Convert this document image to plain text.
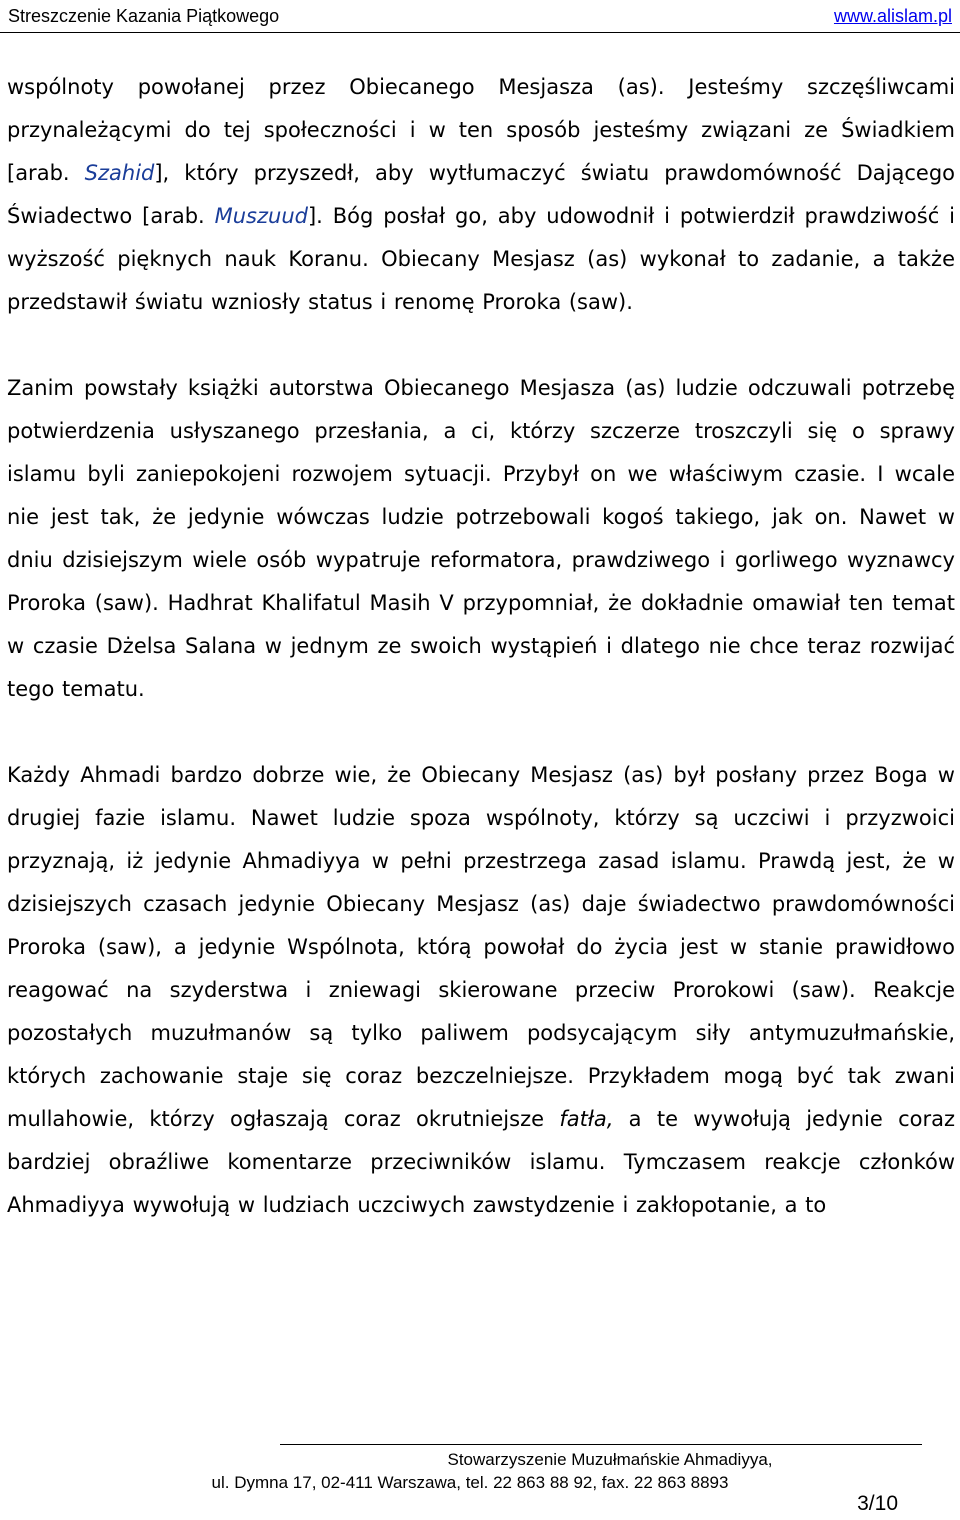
Streszczenie Kazania Piątkowego	www.alislam.pl

wspólnoty powołanej przez Obiecanego Mesjasza (as). Jesteśmy szczęśliwcami przynależącymi do tej społeczności i w ten sposób jesteśmy związani ze Świadkiem [arab. Szahid], który przyszedł, aby wytłumaczyć światu prawdomówność Dającego Świadectwo [arab. Muszuud]. Bóg posłał go, aby udowodnił i potwierdził prawdziwość i wyższość pięknych nauk Koranu. Obiecany Mesjasz (as) wykonał to zadanie, a także przedstawił światu wzniosły status i renomę Proroka (saw).

Zanim powstały książki autorstwa Obiecanego Mesjasza (as) ludzie odczuwali potrzebę potwierdzenia usłyszanego przesłania, a ci, którzy szczerze troszczyli się o sprawy islamu byli zaniepokojeni rozwojem sytuacji. Przybył on we właściwym czasie. I wcale nie jest tak, że jedynie wówczas ludzie potrzebowali kogoś takiego, jak on. Nawet w dniu dzisiejszym wiele osób wypatruje reformatora, prawdziwego i gorliwego wyznawcy Proroka (saw). Hadhrat Khalifatul Masih V przypomniał, że dokładnie omawiał ten temat w czasie Dżelsa Salana w jednym ze swoich wystąpień i dlatego nie chce teraz rozwijać tego tematu.

Każdy Ahmadi bardzo dobrze wie, że Obiecany Mesjasz (as) był posłany przez Boga w drugiej fazie islamu. Nawet ludzie spoza wspólnoty, którzy są uczciwi i przyzwoici przyznają, iż jedynie Ahmadiyya w pełni przestrzega zasad islamu. Prawdą jest, że w dzisiejszych czasach jedynie Obiecany Mesjasz (as) daje świadectwo prawdomówności Proroka (saw), a jedynie Wspólnota, którą powołał do życia jest w stanie prawidłowo reagować na szyderstwa i zniewagi skierowane przeciw Prorokowi (saw). Reakcje pozostałych muzułmanów są tylko paliwem podsycającym siły antymuzułmańskie, których zachowanie staje się coraz bezczelniejsze. Przykładem mogą być tak zwani mullahowie, którzy ogłaszają coraz okrutniejsze fatła, a te wywołują jedynie coraz bardziej obraźliwe komentarze przeciwników islamu. Tymczasem reakcje członków Ahmadiyya wywołują w ludziach uczciwych zawstydzenie i zakłopotanie, a to

Stowarzyszenie Muzułmańskie Ahmadiyya,
ul. Dymna 17, 02-411 Warszawa, tel. 22 863 88 92, fax. 22 863 8893
3/10
